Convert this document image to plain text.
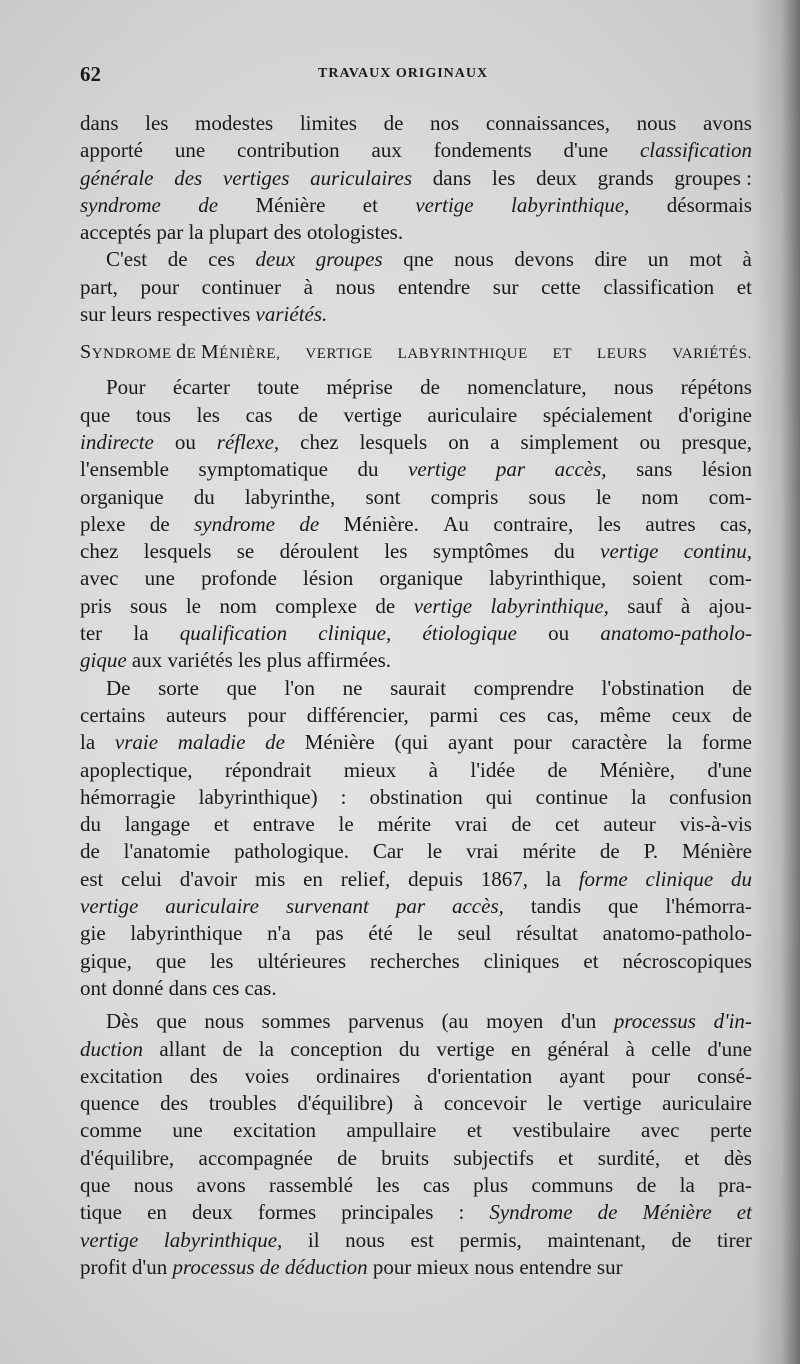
62	TRAVAUX ORIGINAUX
dans les modestes limites de nos connaissances, nous avons
apporté une contribution aux fondements d'une classification
générale des vertiges auriculaires dans les deux grands groupes :
syndrome de Ménière et vertige labyrinthique, désormais
acceptés par la plupart des otologistes.
C'est de ces deux groupes qne nous devons dire un mot à
part, pour continuer à nous entendre sur cette classification et
sur leurs respectives variétés.
SYNDROME dE MÉNIÈRE, VERTIGE LABYRINTHIQUE ET LEURS VARIÉTÉS.
Pour écarter toute méprise de nomenclature, nous répétons
que tous les cas de vertige auriculaire spécialement d'origine
indirecte ou réflexe, chez lesquels on a simplement ou presque,
l'ensemble symptomatique du vertige par accès, sans lésion
organique du labyrinthe, sont compris sous le nom com-
plexe de syndrome de Ménière. Au contraire, les autres cas,
chez lesquels se déroulent les symptômes du vertige continu,
avec une profonde lésion organique labyrinthique, soient com-
pris sous le nom complexe de vertige labyrinthique, sauf à ajou-
ter la qualification clinique, étiologique ou anatomo-patholo-
gique aux variétés les plus affirmées.
De sorte que l'on ne saurait comprendre l'obstination de
certains auteurs pour différencier, parmi ces cas, même ceux de
la vraie maladie de Ménière (qui ayant pour caractère la forme
apoplectique, répondrait mieux à l'idée de Ménière, d'une
hémorragie labyrinthique) : obstination qui continue la confusion
du langage et entrave le mérite vrai de cet auteur vis-à-vis
de l'anatomie pathologique. Car le vrai mérite de P. Ménière
est celui d'avoir mis en relief, depuis 1867, la forme clinique du
vertige auriculaire survenant par accès, tandis que l'hémorra-
gie labyrinthique n'a pas été le seul résultat anatomo-patholo-
gique, que les ultérieures recherches cliniques et nécroscopiques
ont donné dans ces cas.
Dès que nous sommes parvenus (au moyen d'un processus d'in-
duction allant de la conception du vertige en général à celle d'une
excitation des voies ordinaires d'orientation ayant pour consé-
quence des troubles d'équilibre) à concevoir le vertige auriculaire
comme une excitation ampullaire et vestibulaire avec perte
d'équilibre, accompagnée de bruits subjectifs et surdité, et dès
que nous avons rassemblé les cas plus communs de la pra-
tique en deux formes principales : Syndrome de Ménière et
vertige labyrinthique, il nous est permis, maintenant, de tirer
profit d'un processus de déduction pour mieux nous entendre sur
